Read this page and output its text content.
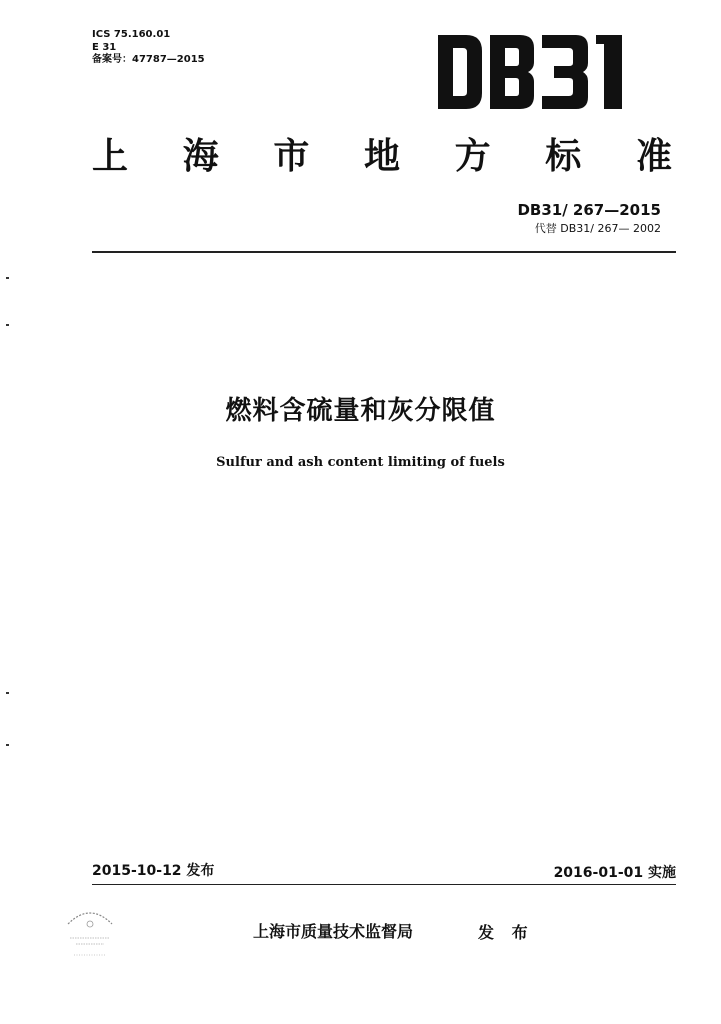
ICS 75.160.01
E 31
备案号：47787—2015
上 海 市 地 方 标 准
DB31/ 267—2015
代替 DB31/ 267— 2002
燃料含硫量和灰分限值
Sulfur and ash content limiting of fuels
2015-10-12 发布	2016-01-01 实施
上海市质量技术监督局	发 布
